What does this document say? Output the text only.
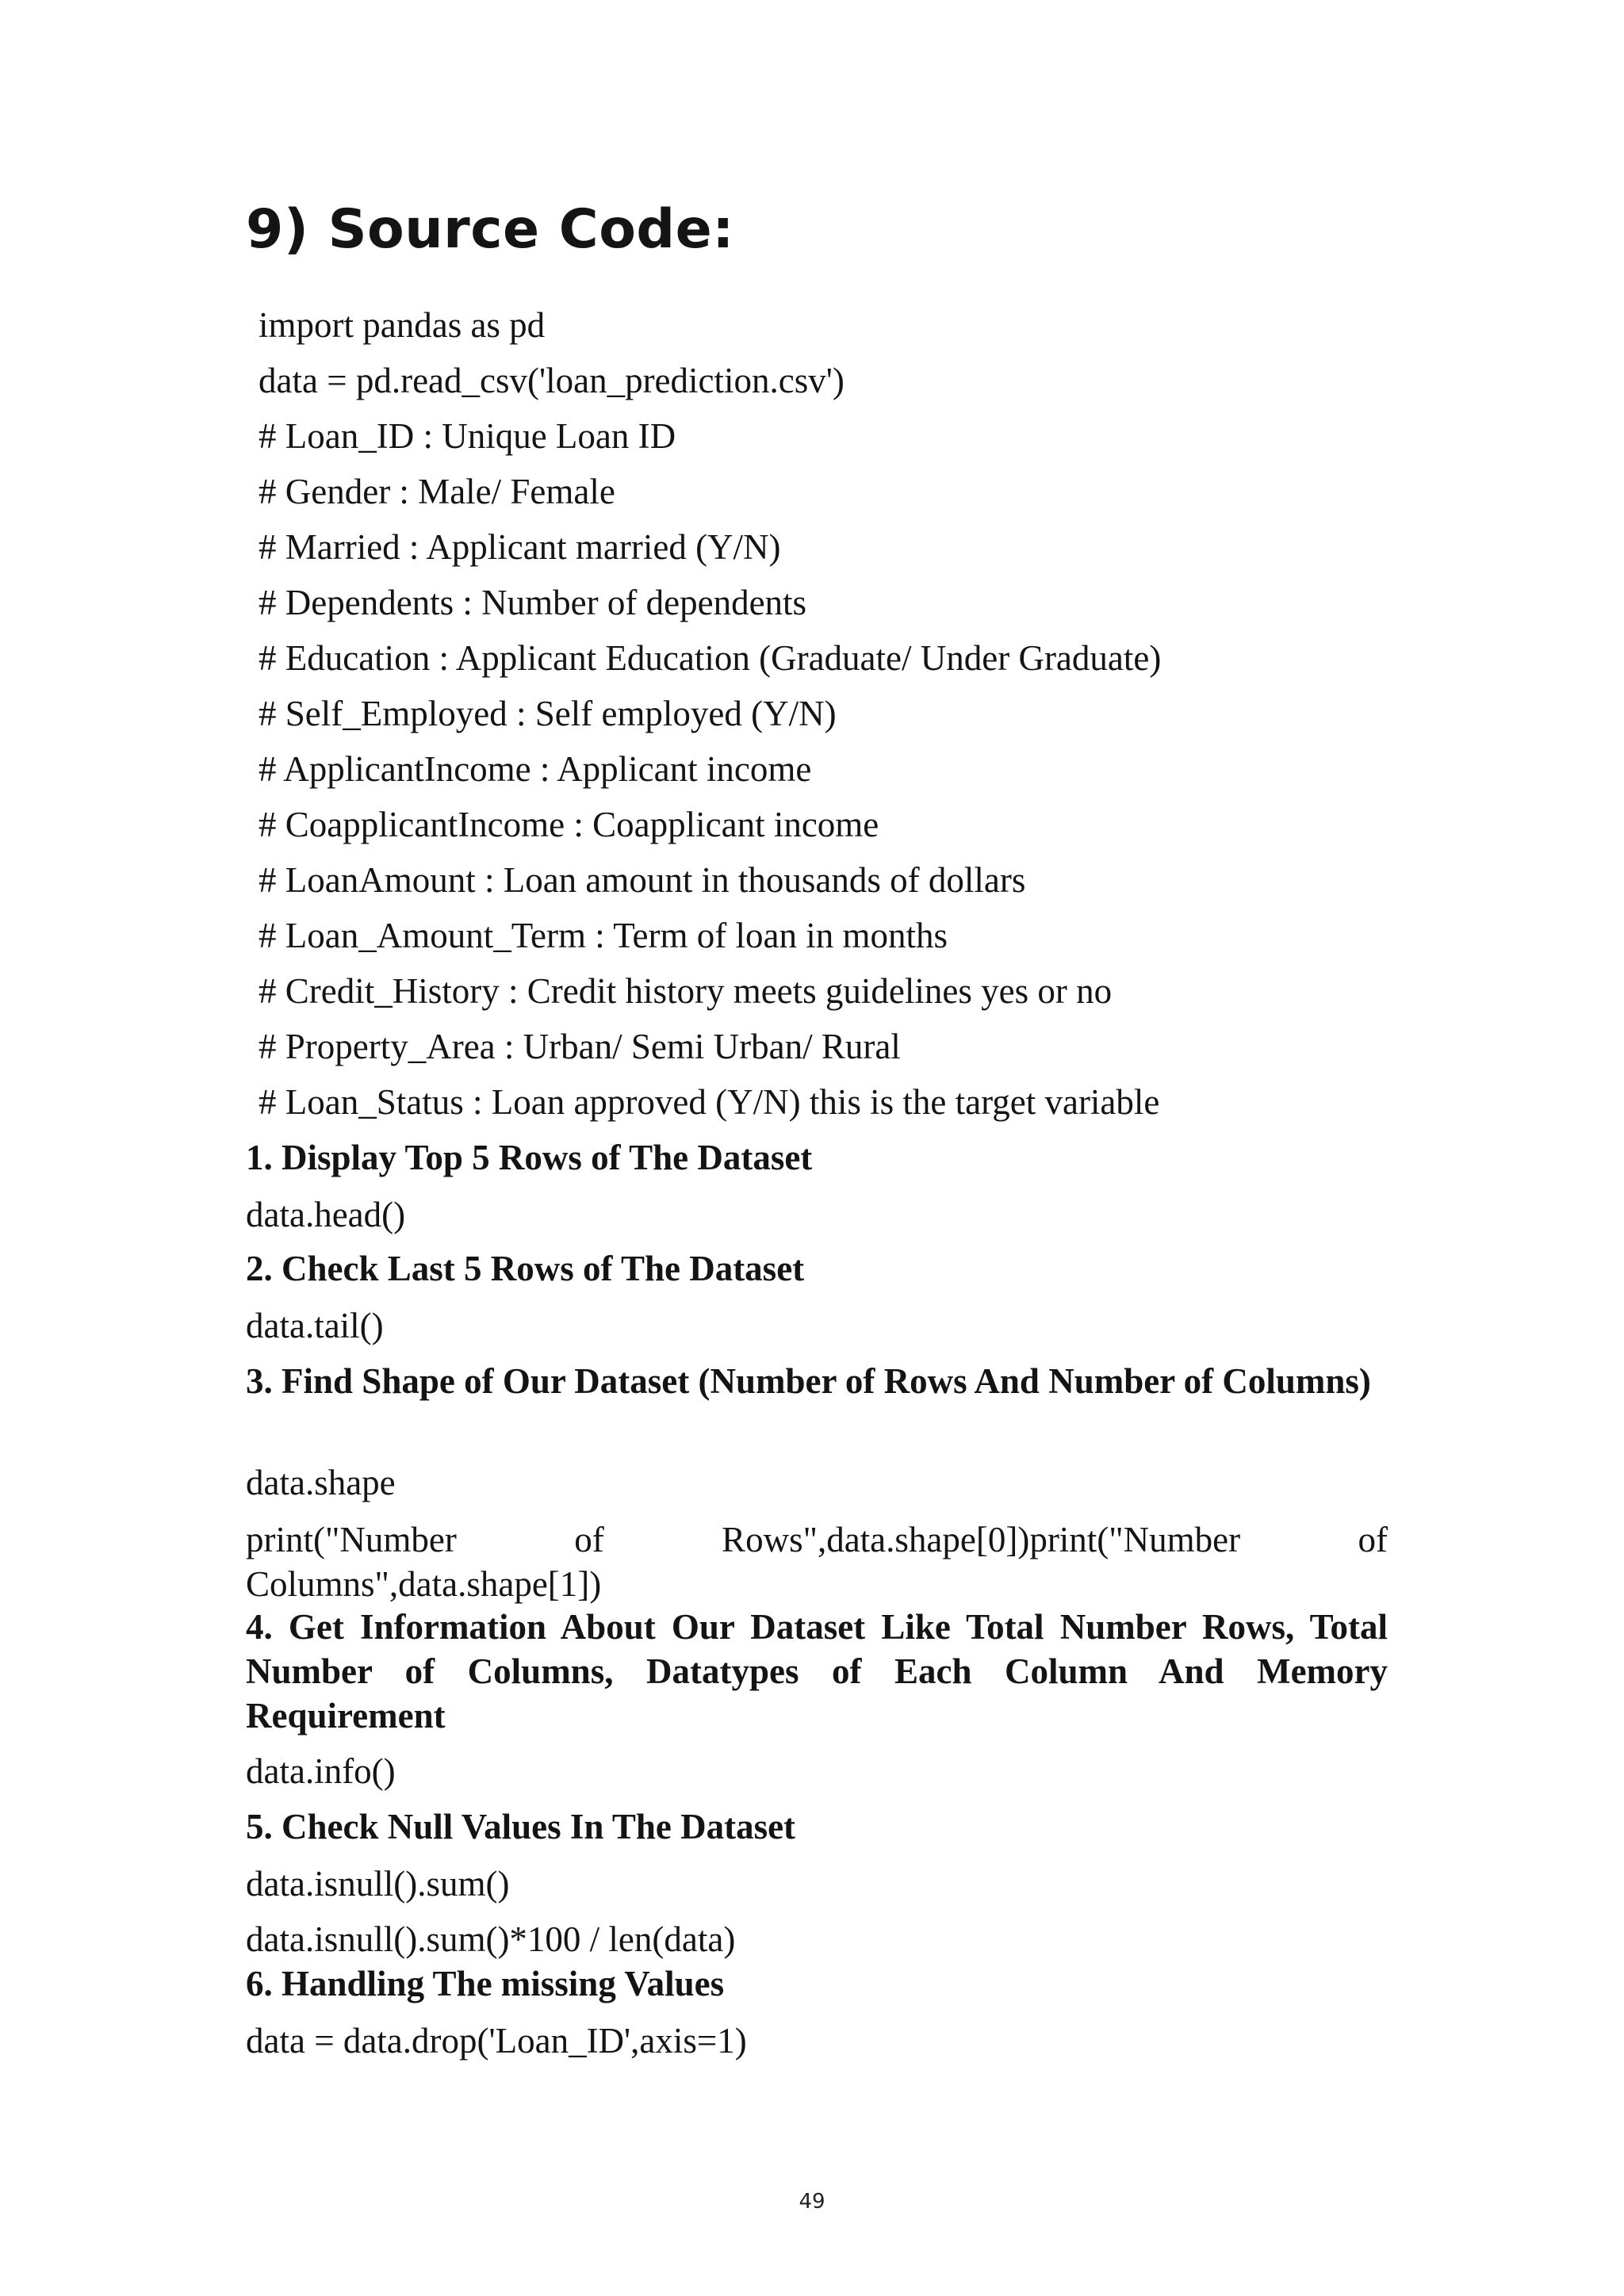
9) Source Code:
import pandas as pd
data = pd.read_csv('loan_prediction.csv')
# Loan_ID : Unique Loan ID
# Gender : Male/ Female
# Married : Applicant married (Y/N)
# Dependents : Number of dependents
# Education : Applicant Education (Graduate/ Under Graduate)
# Self_Employed : Self employed (Y/N)
# ApplicantIncome : Applicant income
# CoapplicantIncome : Coapplicant income
# LoanAmount : Loan amount in thousands of dollars
# Loan_Amount_Term : Term of loan in months
# Credit_History : Credit history meets guidelines yes or no
# Property_Area : Urban/ Semi Urban/ Rural
# Loan_Status : Loan approved (Y/N) this is the target variable
1. Display Top 5 Rows of The Dataset
data.head()
2. Check Last 5 Rows of The Dataset
data.tail()
3. Find Shape of Our Dataset (Number of Rows And Number of Columns)
data.shape
print("Number of Rows",data.shape[0])print("Number of Columns",data.shape[1])
4. Get Information About Our Dataset Like Total Number Rows, Total Number of Columns, Datatypes of Each Column And Memory Requirement
data.info()
5. Check Null Values In The Dataset
data.isnull().sum()
data.isnull().sum()*100 / len(data)
6. Handling The missing Values
data = data.drop('Loan_ID',axis=1)
49
